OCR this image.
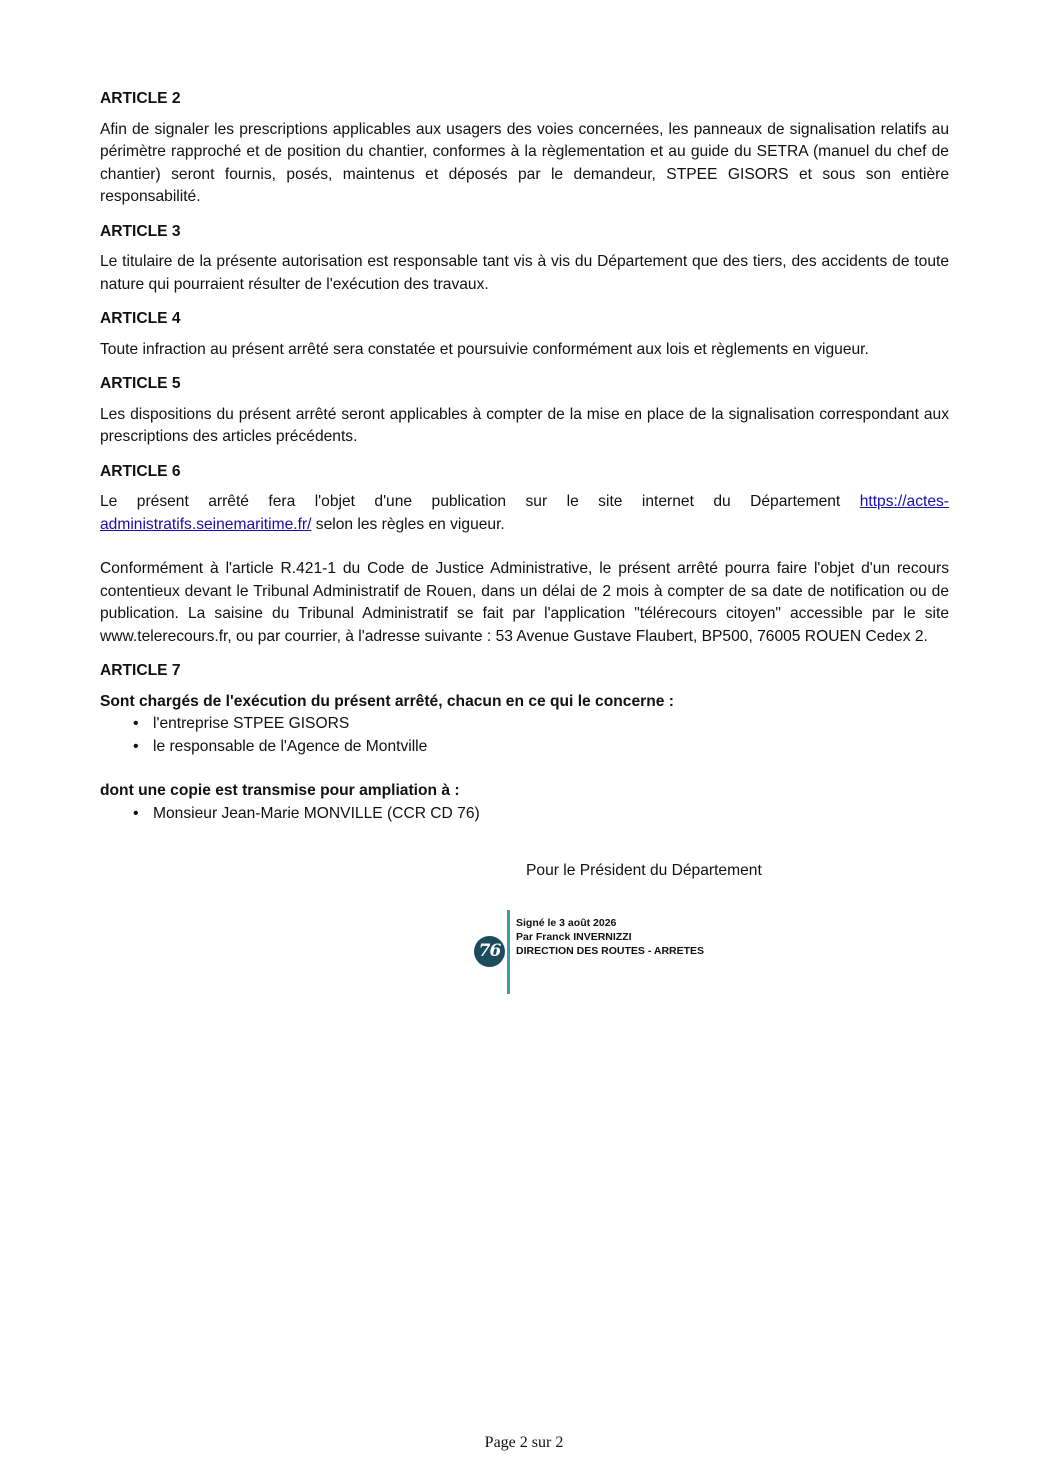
ARTICLE 2

Afin de signaler les prescriptions applicables aux usagers des voies concernées, les panneaux de signalisation relatifs au périmètre rapproché et de position du chantier, conformes à la règlementation et au guide du SETRA (manuel du chef de chantier) seront fournis, posés, maintenus et déposés par le demandeur, STPEE GISORS et sous son entière responsabilité.

ARTICLE 3

Le titulaire de la présente autorisation est responsable tant vis à vis du Département que des tiers, des accidents de toute nature qui pourraient résulter de l'exécution des travaux.

ARTICLE 4

Toute infraction au présent arrêté sera constatée et poursuivie conformément aux lois et règlements en vigueur.

ARTICLE 5

Les dispositions du présent arrêté seront applicables à compter de la mise en place de la signalisation correspondant aux prescriptions des articles précédents.

ARTICLE 6

Le présent arrêté fera l'objet d'une publication sur le site internet du Département https://actes-administratifs.seinemaritime.fr/ selon les règles en vigueur.

Conformément à l'article R.421-1 du Code de Justice Administrative, le présent arrêté pourra faire l'objet d'un recours contentieux devant le Tribunal Administratif de Rouen, dans un délai de 2 mois à compter de sa date de notification ou de publication. La saisine du Tribunal Administratif se fait par l'application "télérecours citoyen" accessible par le site www.telerecours.fr, ou par courrier, à l'adresse suivante : 53 Avenue Gustave Flaubert, BP500, 76005 ROUEN Cedex 2.

ARTICLE 7

Sont chargés de l'exécution du présent arrêté, chacun en ce qui le concerne :

• l'entreprise STPEE GISORS
• le responsable de l'Agence de Montville

dont une copie est transmise pour ampliation à :

• Monsieur Jean-Marie MONVILLE (CCR CD 76)
Pour le Président du Département
76
Signé le 3 août 2026
Par Franck INVERNIZZI
DIRECTION DES ROUTES - ARRETES
Page 2 sur 2
